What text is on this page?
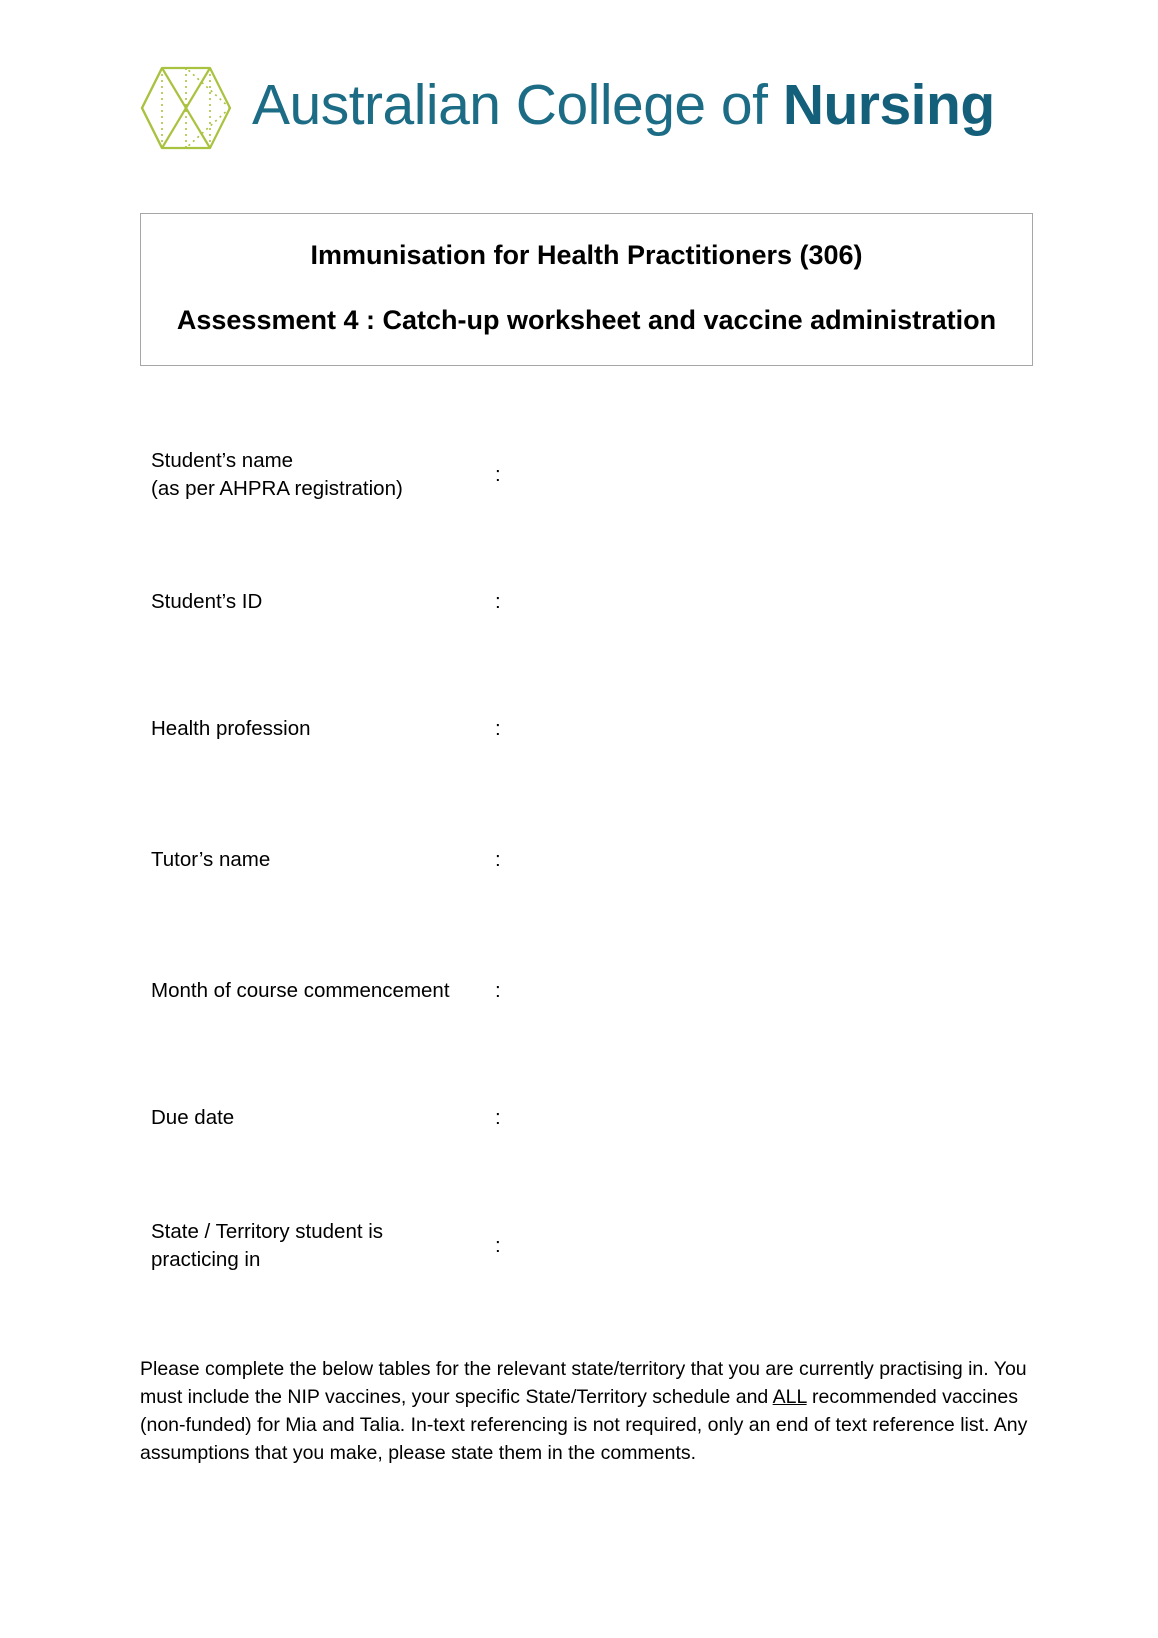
Australian College of Nursing
Immunisation for Health Practitioners (306)
Assessment 4 : Catch-up worksheet and vaccine administration
Student’s name
(as per AHPRA registration)
:
Student’s ID	:
Health profession	:
Tutor’s name	:
Month of course commencement	:
Due date	:
State / Territory student is
practicing in
:
Please complete the below tables for the relevant state/territory that you are currently practising in. You must include the NIP vaccines, your specific State/Territory schedule and ALL recommended vaccines (non-funded) for Mia and Talia. In-text referencing is not required, only an end of text reference list. Any assumptions that you make, please state them in the comments.
